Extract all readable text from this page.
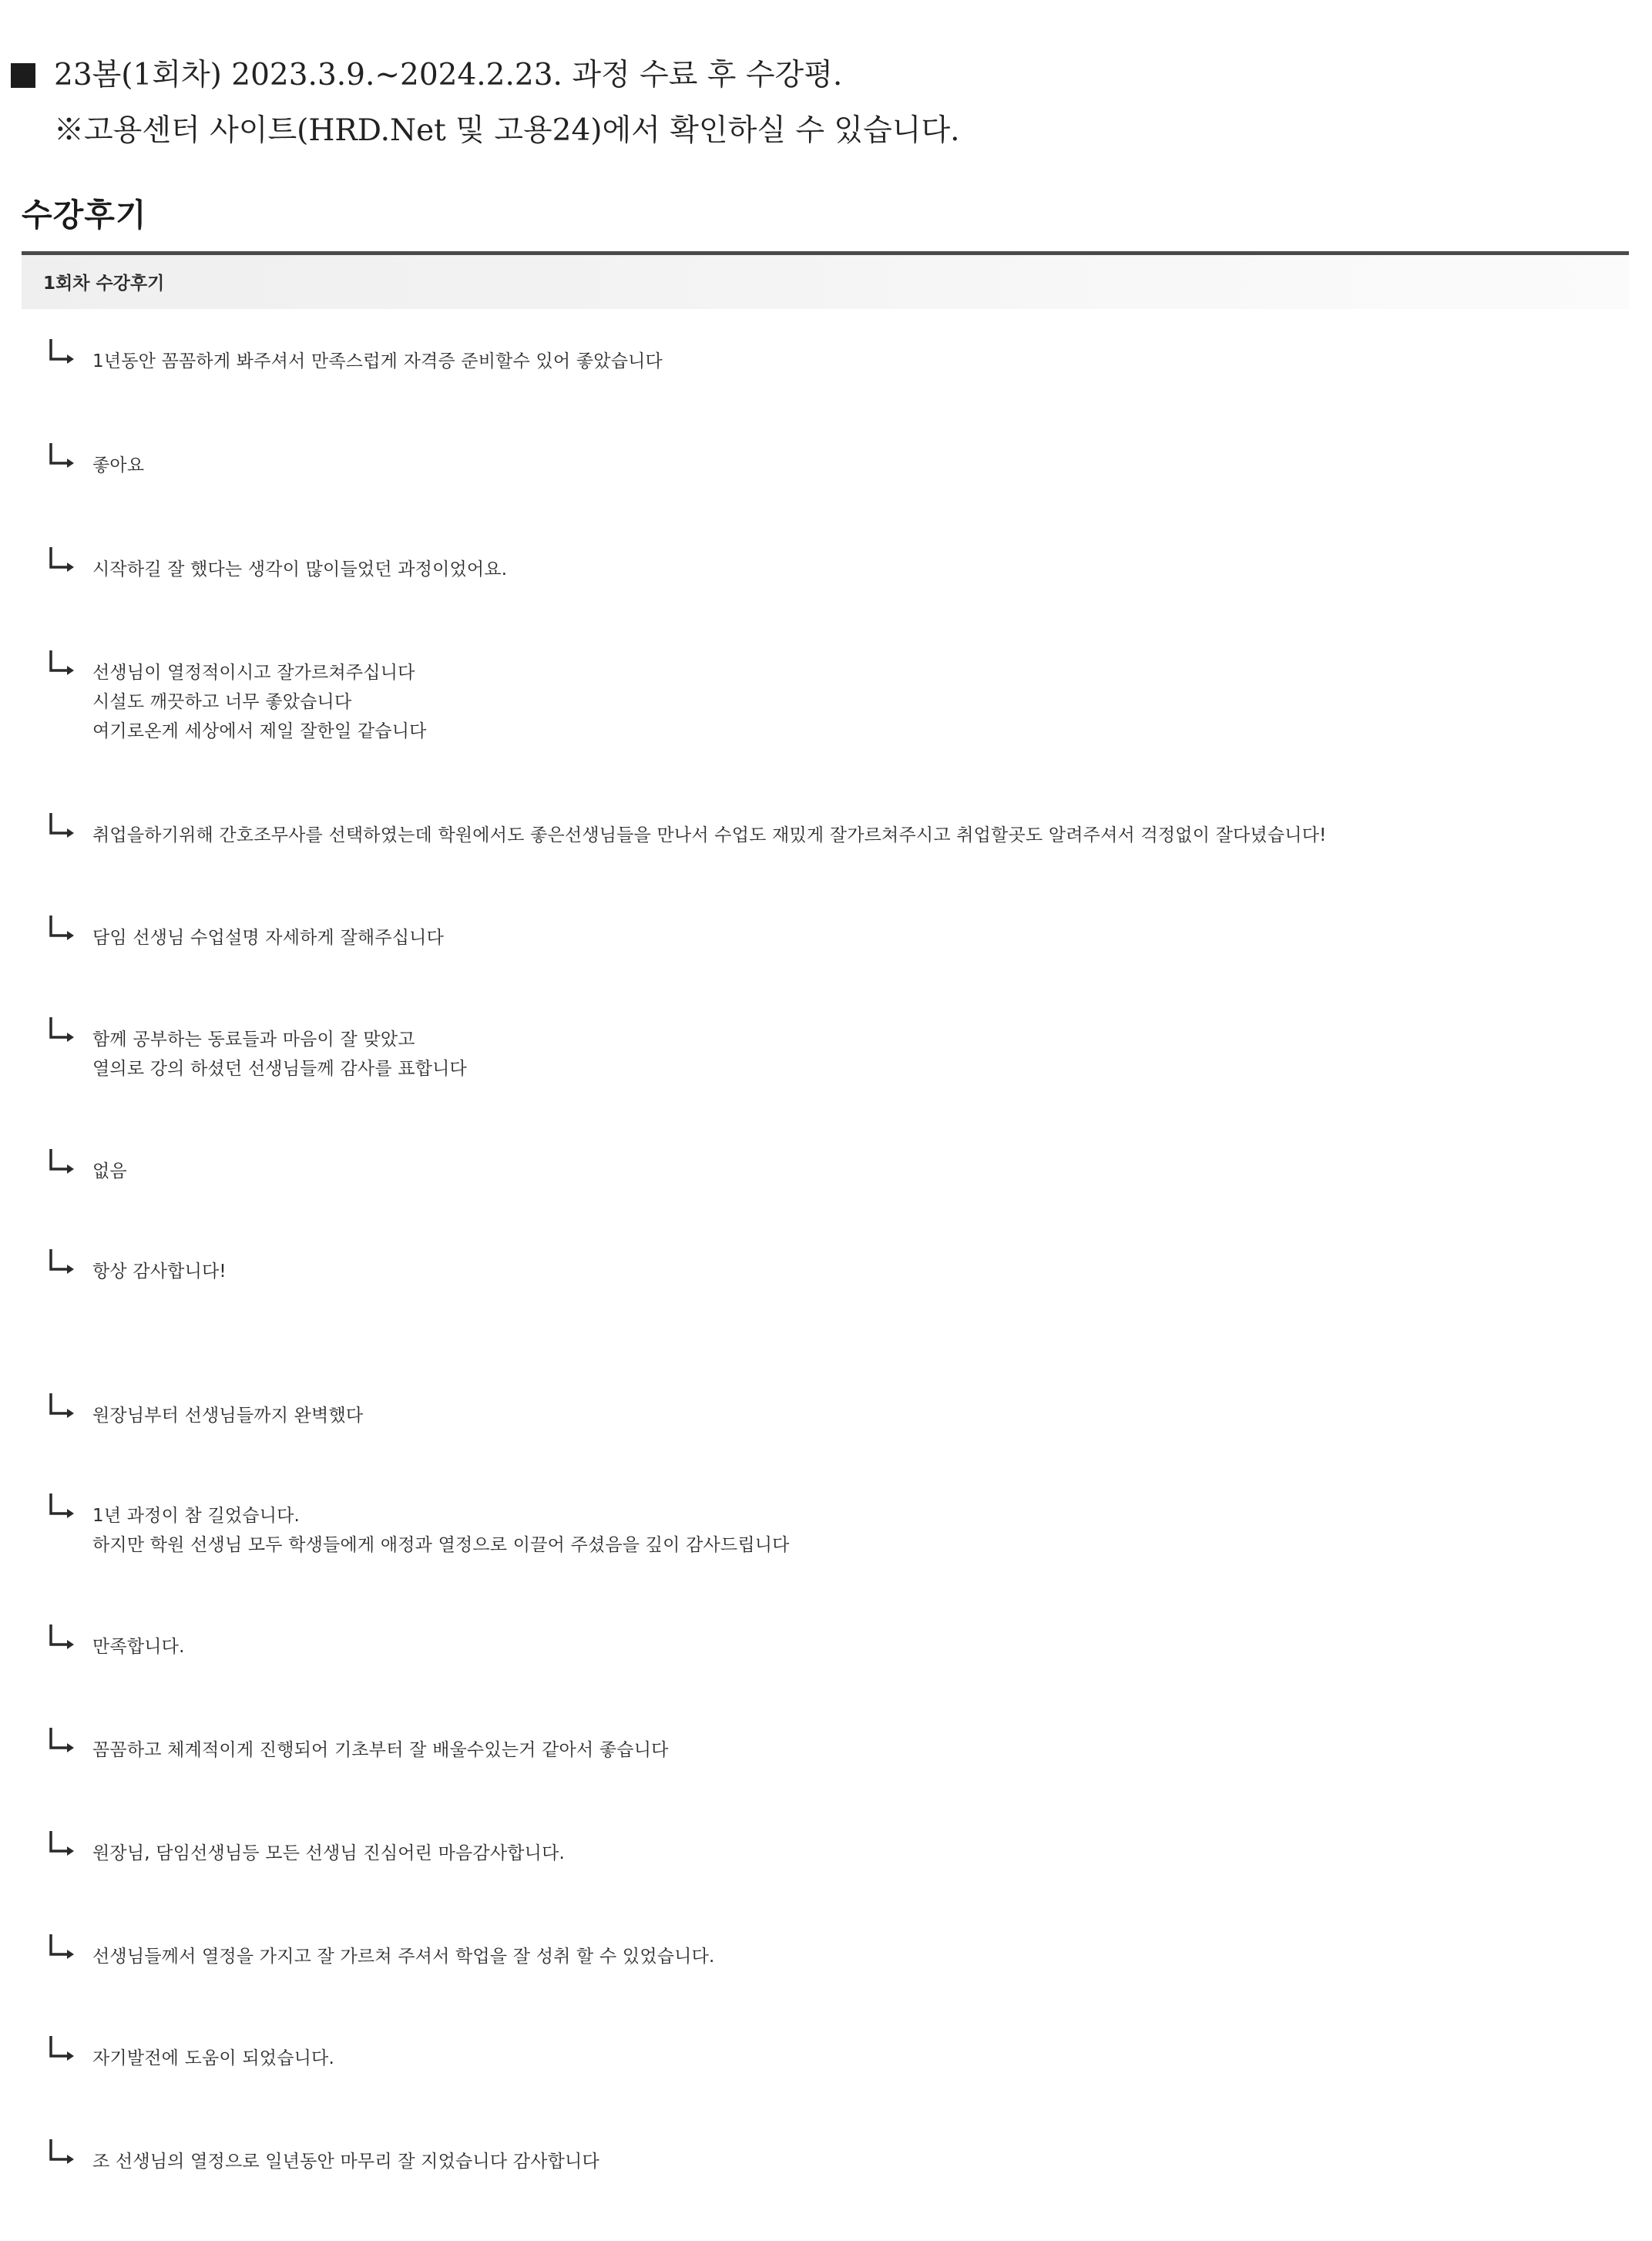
23봄(1회차) 2023.3.9.~2024.2.23. 과정 수료 후 수강평.
※고용센터 사이트(HRD.Net 및 고용24)에서 확인하실 수 있습니다.
수강후기
1회차 수강후기
1년동안 꼼꼼하게 봐주셔서 만족스럽게 자격증 준비할수 있어 좋았습니다
좋아요
시작하길 잘 했다는 생각이 많이들었던 과정이었어요.
선생님이 열정적이시고 잘가르쳐주십니다
시설도 깨끗하고 너무 좋았습니다
여기로온게 세상에서 제일 잘한일 같습니다
취업을하기위해 간호조무사를 선택하였는데 학원에서도 좋은선생님들을 만나서 수업도 재밌게 잘가르쳐주시고 취업할곳도 알려주셔서 걱정없이 잘다녔습니다!
담임 선생님 수업설명 자세하게 잘해주십니다
함께 공부하는 동료들과 마음이 잘 맞았고
열의로 강의 하셨던 선생님들께 감사를 표합니다
없음
항상 감사합니다!
원장님부터 선생님들까지 완벽했다
1년 과정이 참 길었습니다.
하지만 학원 선생님 모두 학생들에게 애정과 열정으로 이끌어 주셨음을 깊이 감사드립니다
만족합니다.
꼼꼼하고 체계적이게 진행되어 기초부터 잘 배울수있는거 같아서 좋습니다
원장님, 담임선생님등 모든 선생님 진심어린 마음감사합니다.
선생님들께서 열정을 가지고 잘 가르쳐 주셔서 학업을 잘 성취 할 수 있었습니다.
자기발전에 도움이 되었습니다.
조 선생님의 열정으로 일년동안 마무리 잘 지었습니다 감사합니다
